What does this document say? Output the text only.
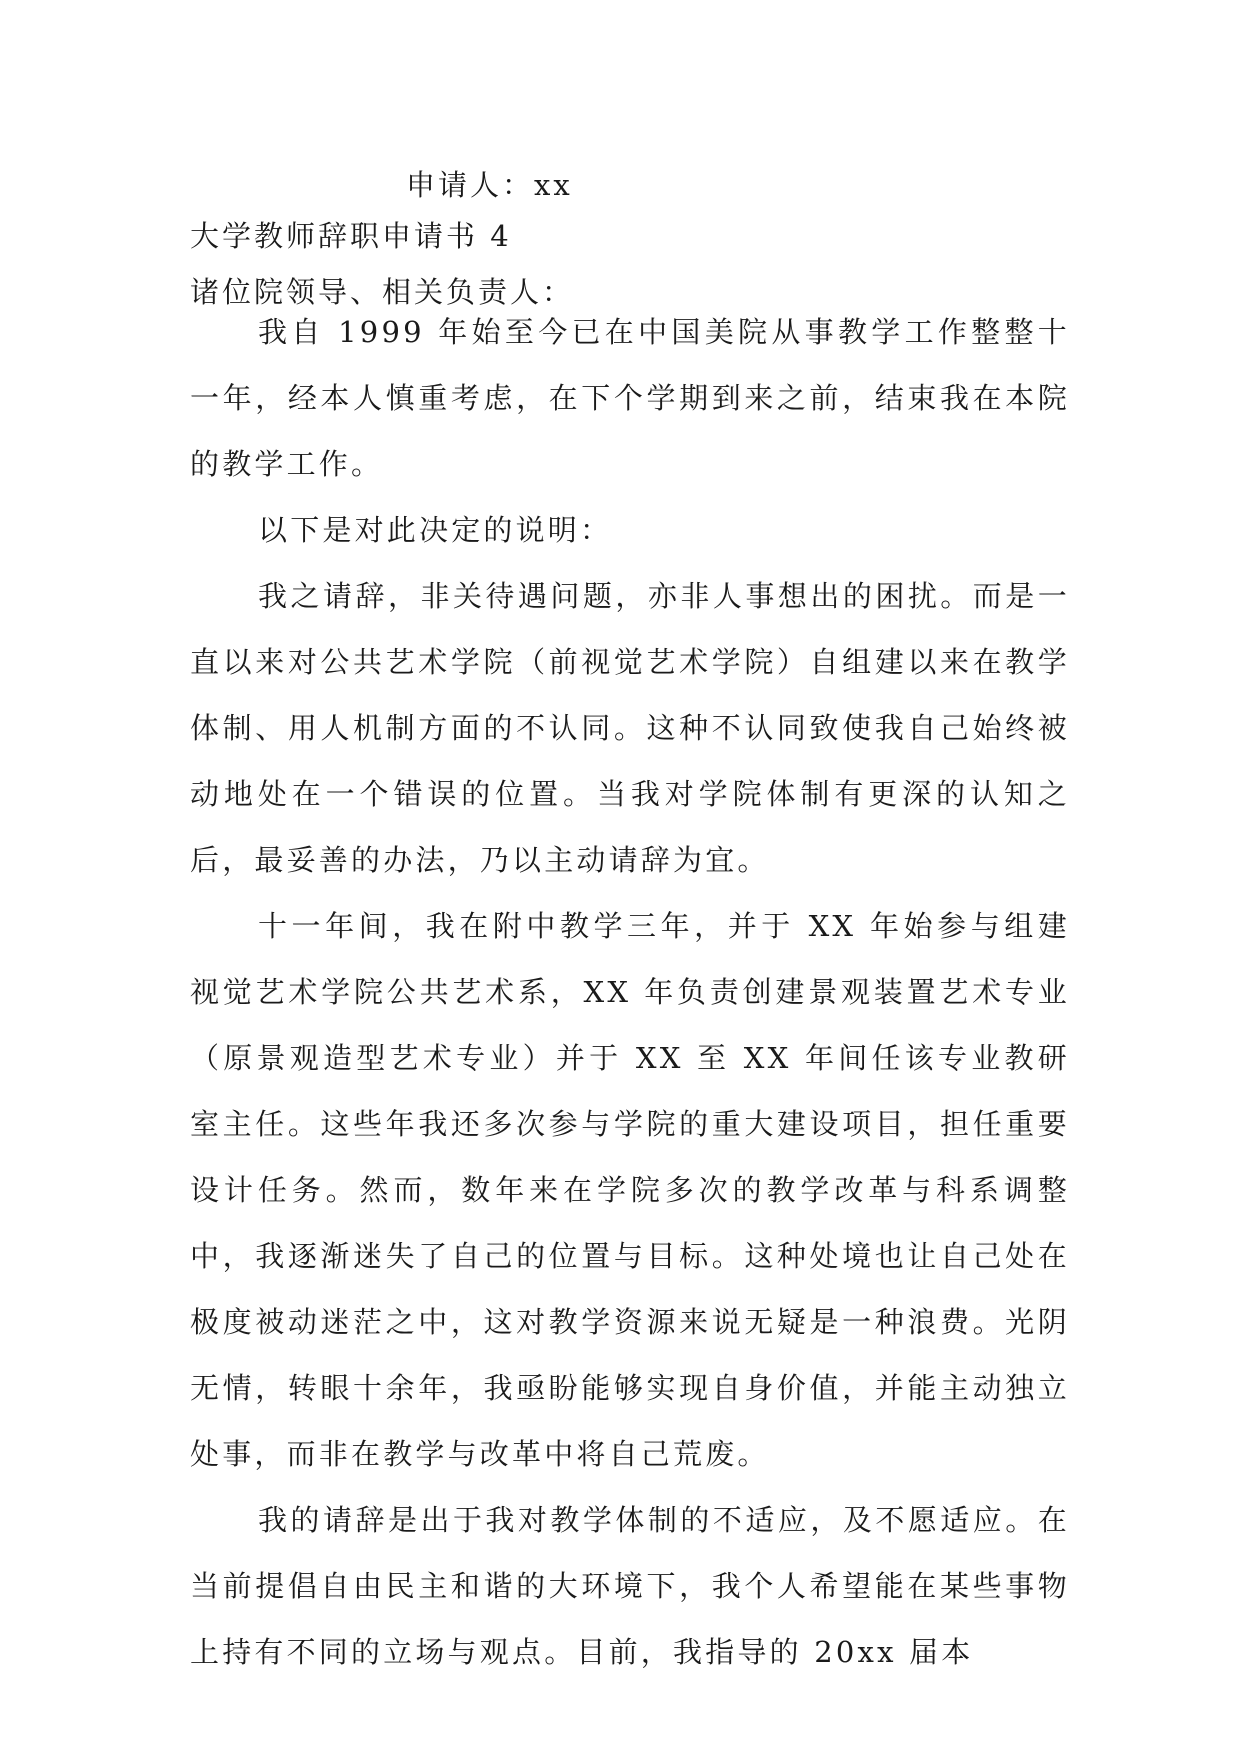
申请人：xx
大学教师辞职申请书 4
诸位院领导、相关负责人：

我自 1999 年始至今已在中国美院从事教学工作整整十一年，经本人慎重考虑，在下个学期到来之前，结束我在本院的教学工作。

以下是对此决定的说明：

我之请辞，非关待遇问题，亦非人事想出的困扰。而是一直以来对公共艺术学院（前视觉艺术学院）自组建以来在教学体制、用人机制方面的不认同。这种不认同致使我自己始终被动地处在一个错误的位置。当我对学院体制有更深的认知之后，最妥善的办法，乃以主动请辞为宜。

十一年间，我在附中教学三年，并于 XX 年始参与组建视觉艺术学院公共艺术系，XX 年负责创建景观装置艺术专业（原景观造型艺术专业）并于 XX 至 XX 年间任该专业教研室主任。这些年我还多次参与学院的重大建设项目，担任重要设计任务。然而，数年来在学院多次的教学改革与科系调整中，我逐渐迷失了自己的位置与目标。这种处境也让自己处在极度被动迷茫之中，这对教学资源来说无疑是一种浪费。光阴无情，转眼十余年，我亟盼能够实现自身价值，并能主动独立处事，而非在教学与改革中将自己荒废。

我的请辞是出于我对教学体制的不适应，及不愿适应。在当前提倡自由民主和谐的大环境下，我个人希望能在某些事物上持有不同的立场与观点。目前，我指导的 20xx 届本
